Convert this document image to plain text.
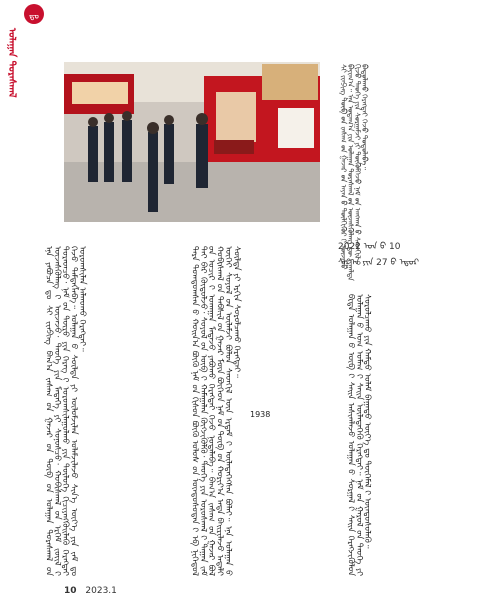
ᠳᠣ
ᠤᠯᠠᠭᠠᠨ ᠳᠤᠷᠠᠰᠬᠠᠯ
ᠰᠢ ᠵᠢᠨᠫᠢᠩ ᠲᠥᠪ ᠤ᠋ᠨ ᠵᠠᠰᠠᠭ ᠤ᠋ᠨ ᠭᠠᠵᠠᠷ ᠤ᠋ᠨ ᠠᠶᠠᠨ ᠤ᠋ ᠲᠦᠯᠬᠢᠭᠦᠷ ᠢ᠋ ᠦᠵᠡᠵᠦ ᠪᠠᠶᠢᠭ᠎ᠠ᠃ ᠡᠨᠡ ᠤᠳᠠᠭ᠎ᠠ ᠶᠢᠨ ᠤᠯᠠᠭᠠᠨ ᠳᠤᠷᠠᠰᠬᠠᠯ ᠤ᠋ᠨ ᠦᠵᠡᠰᠬᠦᠯᠡᠩ ᠳᠦ ᠵᠢᠭᠠᠯᠲᠠ ᠬᠢᠵᠦ ᠲᠡᠦᠬᠡ ᠶᠢᠨ ᠰᠤᠷᠭᠠᠮᠵᠢ ᠶᠢ ᠳᠦᠭᠦᠮᠬᠡᠵᠦ ᠨᠠᠮ ᠤ᠋ᠨ ᠠᠨᠭᠬᠠᠨ ᠤ᠋ ᠰᠡᠳᠭᠢᠯ ᠢ᠋ ᠪᠠᠲᠤᠯᠠᠬᠤ ᠬᠡᠷᠡᠭᠲᠡᠢ ᠭᠡᠵᠦ ᠲᠤᠳᠤᠯᠠᠪᠠ᠃
2022 ᠣᠨ ᠤ᠋ 10 ᠰᠠᠷ᠎ᠠ ᠶᠢᠨ 27 ᠤ᠋ ᠡᠳᠦᠷ
ᠡᠨᠡ ᠶᠠᠪᠤᠴᠠ ᠳᠤ ᠰᠢ ᠵᠢᠨᠫᠢᠩ ᠪᠠᠭ᠎ᠠ ᠵᠠᠰᠠᠭ ᠤ᠋ᠨ ᠭᠠᠵᠠᠷ ᠤ᠋ᠨ ᠲᠥᠪ ᠤ᠋ᠨ ᠤᠯᠠᠭᠠᠨ ᠳᠤᠷᠠᠰᠬᠠᠯ ᠤ᠋ᠨ ᠦᠵᠡᠰᠬᠦᠯᠡᠩ ᠢ᠋ ᠦᠵᠡᠵᠦ᠂ ᠲᠡᠦᠬᠡ ᠶᠢᠨ ᠮᠡᠳᠡᠭᠡ ᠶᠢ ᠰᠣᠨᠣᠰᠴᠤ᠂ ᠬᠤᠪᠢᠰᠬᠠᠯ ᠤ᠋ᠨ ᠡᠷᠬᠡᠮ ᠵᠦᠢᠯ ᠢ᠋ ᠳᠤᠷᠠᠳᠴᠤ᠂ ᠨᠠᠮ ᠤ᠋ᠨ ᠲᠦᠷᠦ ᠶᠢᠨ ᠬᠡᠷᠡᠭ ᠢ᠋ ᠤᠷᠤᠭᠰᠢᠯᠠᠭᠤᠯᠬᠤ ᠶᠢᠨ ᠲᠥᠯᠦᠭᠡ ᠬᠢᠴᠢᠶᠡᠩᠭᠦᠢᠯᠡᠬᠦ ᠬᠡᠷᠡᠭᠲᠡᠢ ᠭᠡᠵᠦ ᠲᠡᠮᠳᠡᠭᠯᠡᠪᠡ᠃ ᠤᠯᠠᠭᠠᠨ ᠤ᠋ ᠰᠦᠯᠳᠡ ᠶᠢ ᠦᠯᠦᠮᠵᠢᠯᠡᠨ ᠤᠯᠠᠮᠵᠢᠯᠠᠵᠤ ᠰᠢᠨ᠎ᠡ ᠦᠶ᠎ᠡ ᠶᠢᠨ ᠵᠠᠮ ᠳᠤ ᠤᠷᠤᠭᠰᠢᠯᠠᠨ ᠠᠯᠬᠤᠬᠤ ᠬᠡᠷᠡᠭᠲᠡᠢ᠃	ᠲᠡᠷᠡ ᠳᠤᠭᠳᠤᠭᠰᠠᠨ ᠤ᠋ ᠬᠤᠢᠨ᠎ᠠ ᠪᠦᠬᠦ ᠨᠠᠮ ᠤ᠋ᠨ ᠭᠢᠰᠦᠨ ᠪᠦᠬᠦ ᠤᠯᠤᠰ ᠤ᠋ᠨ ᠦᠨᠳᠦᠰᠦᠲᠡᠨ ᠢ᠋ ᠡᠪ ᠨᠢᠭᠡᠳᠦᠯ ᠲᠠᠢ ᠪᠠᠷ ᠬᠥᠲᠦᠯᠵᠦ᠂ ᠰᠣᠶᠣᠯ ᠤ᠋ᠨ ᠥᠪ ᠢ᠋ ᠬᠠᠮᠠᠭᠠᠯᠠᠨ ᠬᠥᠭᠵᠢᠭᠦᠯᠬᠦ᠂ ᠲᠡᠦᠬᠡ ᠶᠢᠨ ᠤᠷᠤᠰᠬᠠᠯ ᠢ᠋ ᠳᠠᠭᠠᠨ ᠵᠠᠮ ᠤ᠋ᠨ ᠤᠴᠢᠷ ᠢ᠋ ᠤᠬᠠᠭᠠᠨ ᠮᠡᠳᠡᠵᠦ ᠶᠠᠪᠤᠬᠤ ᠬᠡᠷᠡᠭᠲᠡᠢ ᠭᠡᠵᠦ ᠨᠣᠳᠠᠯᠠᠪᠠ᠃ ᠪᠠᠭ᠎ᠠ ᠵᠠᠰᠠᠭ ᠤ᠋ᠨ ᠭᠠᠵᠠᠷ ᠪᠣᠯ ᠬᠤᠪᠢᠰᠬᠠᠯ ᠤ᠋ᠨ ᠳᠡᠪᠰᠢᠯ ᠤ᠋ᠨ ᠭᠠᠵᠠᠷ ᠮᠥᠨ ᠪᠥᠭᠡᠳ ᠨᠠᠮ ᠤ᠋ᠨ ᠲᠥᠪ ᠤ᠋ᠨ ᠬᠣᠷᠢᠶ᠎ᠠ ᠡᠨᠳᠡ ᠪᠠᠢᠷᠢᠯᠠᠵᠤ ᠠᠳᠠᠯᠢ ᠦᠭᠡᠢ ᠰᠣᠶᠣᠯ ᠤ᠋ᠨ ᠦᠯᠡᠮᠵᠢ ᠪᠣᠯᠤᠨ ᠰᠡᠳᠬᠢᠯ ᠦᠨ ᠡᠷᠳᠡᠮ ᠢ᠋ ᠦᠯᠡᠳᠡᠭᠡᠭᠰᠡᠨ ᠪᠣᠯᠠᠢ᠃ ᠡᠨᠡ ᠤᠯᠠᠭᠠᠨ ᠤ᠋ ᠰᠦᠯᠳᠡ ᠶᠢ ᠡᠷᠭᠢᠨ ᠰᠤᠷᠤᠯᠴᠠᠬᠤ ᠬᠡᠷᠡᠭᠲᠡᠢ᠃	ᠪᠢᠳᠡ ᠤᠯᠠᠭᠠᠨ ᠤ᠋ ᠥᠪ ᠢ᠋ ᠰᠠᠢᠨ ᠠᠰᠢᠭᠯᠠᠵᠤ ᠤᠯᠠᠭᠠᠨ ᠤ᠋ ᠰᠤᠷᠭᠠᠯ ᠢ᠋ ᠰᠠᠢᠨ ᠬᠡᠷᠡᠭᠵᠢᠭᠦᠯᠦᠨ ᠤᠯᠠᠭᠠᠨ ᠤ᠋ ᠤᠭ ᠤᠮᠠᠭ ᠢ᠋ ᠰᠠᠢᠨ ᠦᠯᠡᠳᠡᠭᠡᠬᠦ ᠬᠡᠷᠡᠭᠲᠡᠢ᠃ ᠨᠠᠮ ᠤ᠋ᠨ ᠭᠠᠷᠤᠯ ᠤ᠋ᠨ ᠲᠡᠦᠬᠡ ᠶᠢ ᠰᠤᠷᠤᠯᠴᠠᠬᠤ ᠶᠢᠨ ᠬᠠᠮᠲᠤ ᠤᠯᠠᠮ ᠪᠠᠭᠠᠳᠤ ᠦᠶ᠎ᠡ ᠳᠤ ᠲᠦᠭᠡᠮᠡᠯ ᠢ᠋ ᠦᠨᠳᠦᠰᠦᠯᠡᠬᠦ᠃
1938
10 2023.1
